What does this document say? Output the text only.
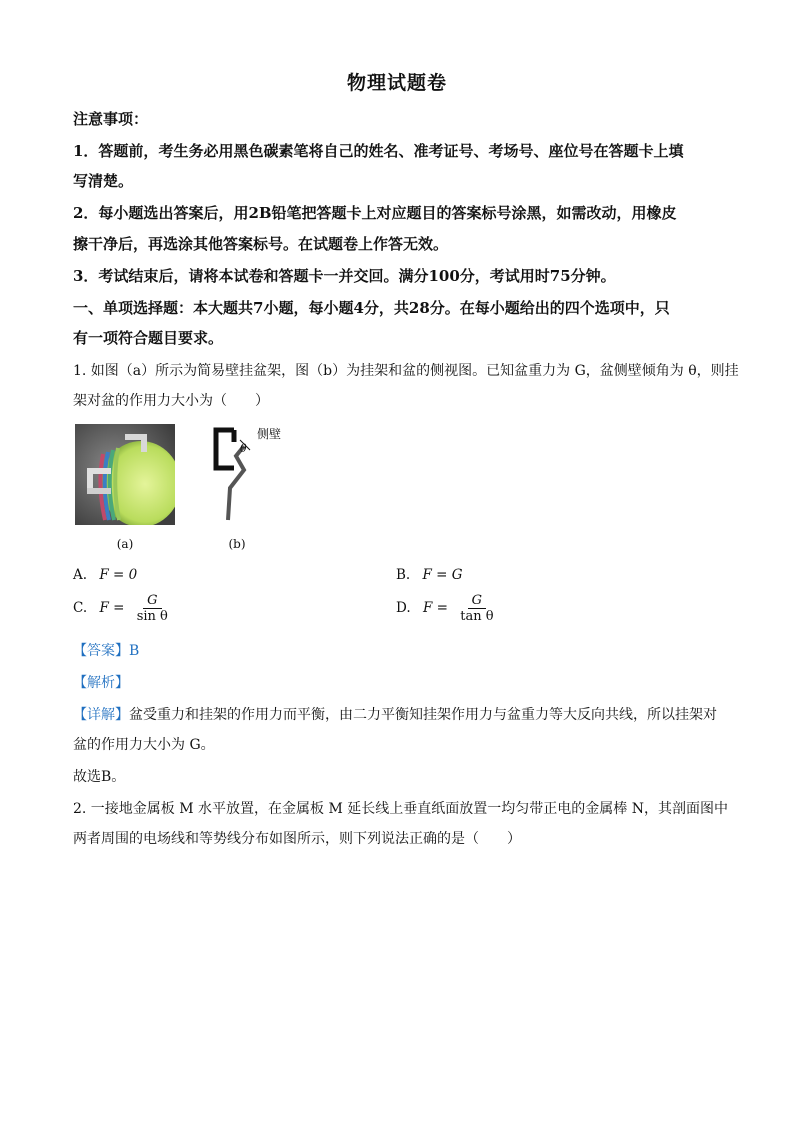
物理试题卷
注意事项：
1．答题前，考生务必用黑色碳素笔将自己的姓名、准考证号、考场号、座位号在答题卡上填
写清楚。
2．每小题选出答案后，用2B铅笔把答题卡上对应题目的答案标号涂黑，如需改动，用橡皮
擦干净后，再选涂其他答案标号。在试题卷上作答无效。
3．考试结束后，请将本试卷和答题卡一并交回。满分100分，考试用时75分钟。
一、单项选择题：本大题共7小题，每小题4分，共28分。在每小题给出的四个选项中，只
有一项符合题目要求。
1. 如图（a）所示为简易壁挂盆架，图（b）为挂架和盆的侧视图。已知盆重力为 G，盆侧壁倾角为 θ，则挂
架对盆的作用力大小为（　　）
(a)
侧壁
θ
(b)
A. F = 0	B. F = G
C. $F = \frac{G}{\text{sin θ}}$	D. $F = \frac{G}{\text{tan θ}}$
【答案】B
【解析】
【详解】盆受重力和挂架的作用力而平衡，由二力平衡知挂架作用力与盆重力等大反向共线，所以挂架对
盆的作用力大小为 G。
故选B。
2. 一接地金属板 M 水平放置，在金属板 M 延长线上垂直纸面放置一均匀带正电的金属棒 N，其剖面图中
两者周围的电场线和等势线分布如图所示，则下列说法正确的是（　　）
